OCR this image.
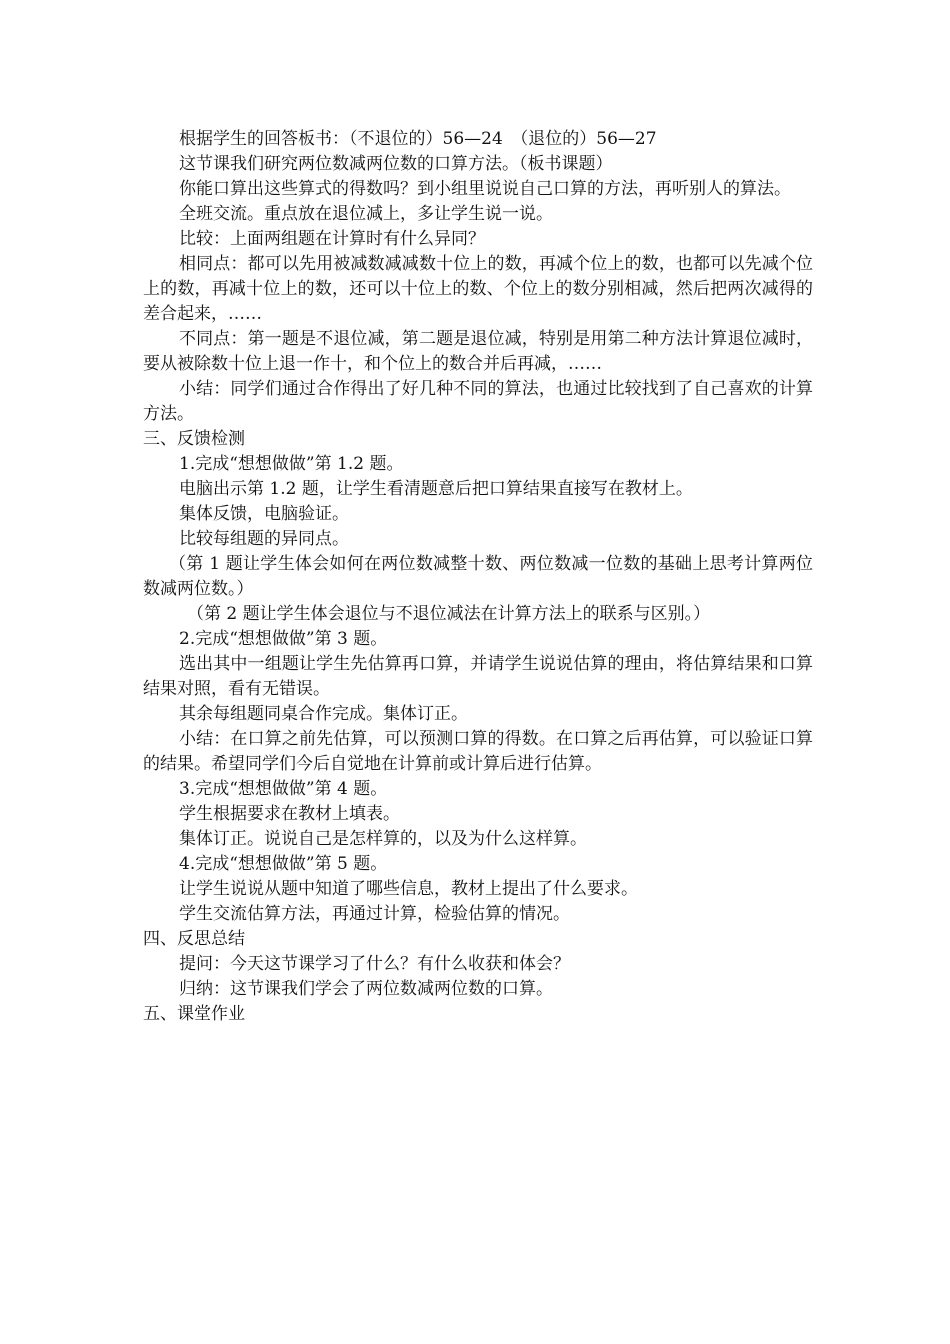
根据学生的回答板书：（不退位的）56—24　（退位的）56—27

这节课我们研究两位数减两位数的口算方法。（板书课题）

你能口算出这些算式的得数吗？到小组里说说自己口算的方法，再听别人的算法。

全班交流。重点放在退位减上，多让学生说一说。

比较：上面两组题在计算时有什么异同？

相同点：都可以先用被减数减减数十位上的数，再减个位上的数，也都可以先减个位上的数，再减十位上的数，还可以十位上的数、个位上的数分别相减，然后把两次减得的差合起来，……

不同点：第一题是不退位减，第二题是退位减，特别是用第二种方法计算退位减时，要从被除数十位上退一作十，和个位上的数合并后再减，……

小结：同学们通过合作得出了好几种不同的算法，也通过比较找到了自己喜欢的计算方法。

三、反馈检测

1.完成“想想做做”第 1.2 题。

电脑出示第 1.2 题，让学生看清题意后把口算结果直接写在教材上。

集体反馈，电脑验证。

比较每组题的异同点。

（第 1 题让学生体会如何在两位数减整十数、两位数减一位数的基础上思考计算两位数减两位数。）

（第 2 题让学生体会退位与不退位减法在计算方法上的联系与区别。）

2.完成“想想做做”第 3 题。

选出其中一组题让学生先估算再口算，并请学生说说估算的理由，将估算结果和口算结果对照，看有无错误。

其余每组题同桌合作完成。集体订正。

小结：在口算之前先估算，可以预测口算的得数。在口算之后再估算，可以验证口算的结果。希望同学们今后自觉地在计算前或计算后进行估算。

3.完成“想想做做”第 4 题。

学生根据要求在教材上填表。

集体订正。说说自己是怎样算的，以及为什么这样算。

4.完成“想想做做”第 5 题。

让学生说说从题中知道了哪些信息，教材上提出了什么要求。

学生交流估算方法，再通过计算，检验估算的情况。

四、反思总结

提问：今天这节课学习了什么？有什么收获和体会？

归纳：这节课我们学会了两位数减两位数的口算。

五、课堂作业
